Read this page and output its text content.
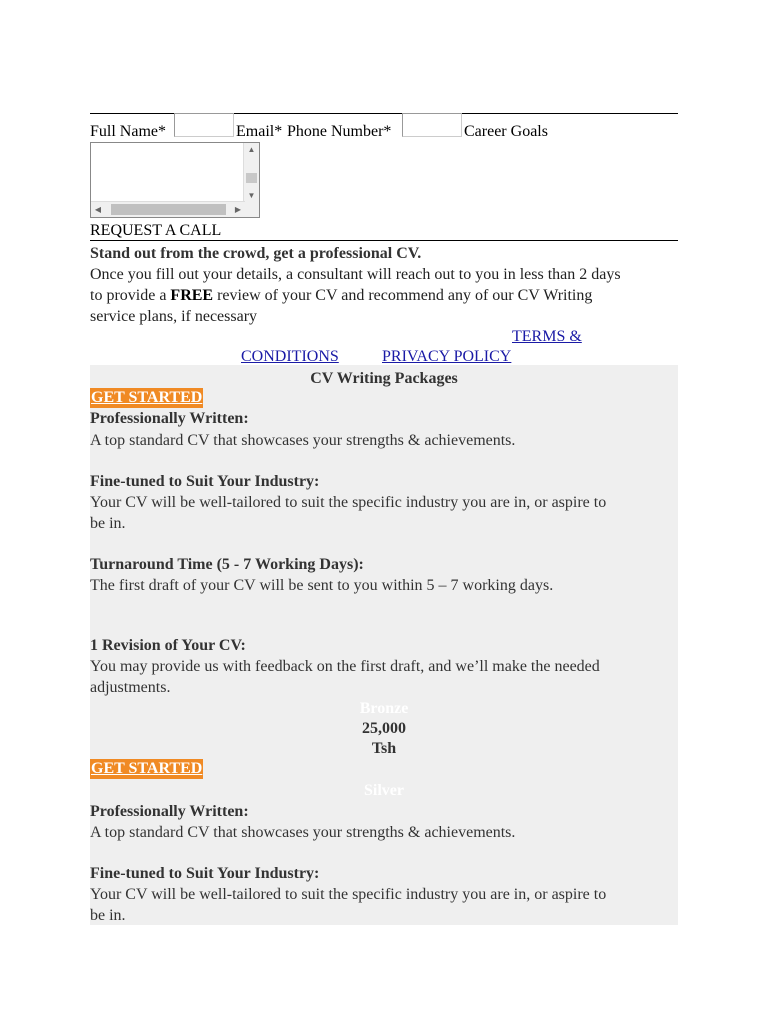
Full Name*	Email* Phone Number*	Career Goals
▲
▼
◀	▶
REQUEST A CALL
Stand out from the crowd, get a professional CV.
Once you fill out your details, a consultant will reach out to you in less than 2 days
to provide a FREE review of your CV and recommend any of our CV Writing
service plans, if necessary
TERMS &
CONDITIONS	PRIVACY POLICY
CV Writing Packages
GET STARTED
Professionally Written:
A top standard CV that showcases your strengths & achievements.
Fine-tuned to Suit Your Industry:
Your CV will be well-tailored to suit the specific industry you are in, or aspire to
be in.
Turnaround Time (5 - 7 Working Days):
The first draft of your CV will be sent to you within 5 – 7 working days.
1 Revision of Your CV:
You may provide us with feedback on the first draft, and we’ll make the needed
adjustments.
Bronze
25,000
Tsh
GET STARTED
Silver
Professionally Written:
A top standard CV that showcases your strengths & achievements.
Fine-tuned to Suit Your Industry:
Your CV will be well-tailored to suit the specific industry you are in, or aspire to
be in.
